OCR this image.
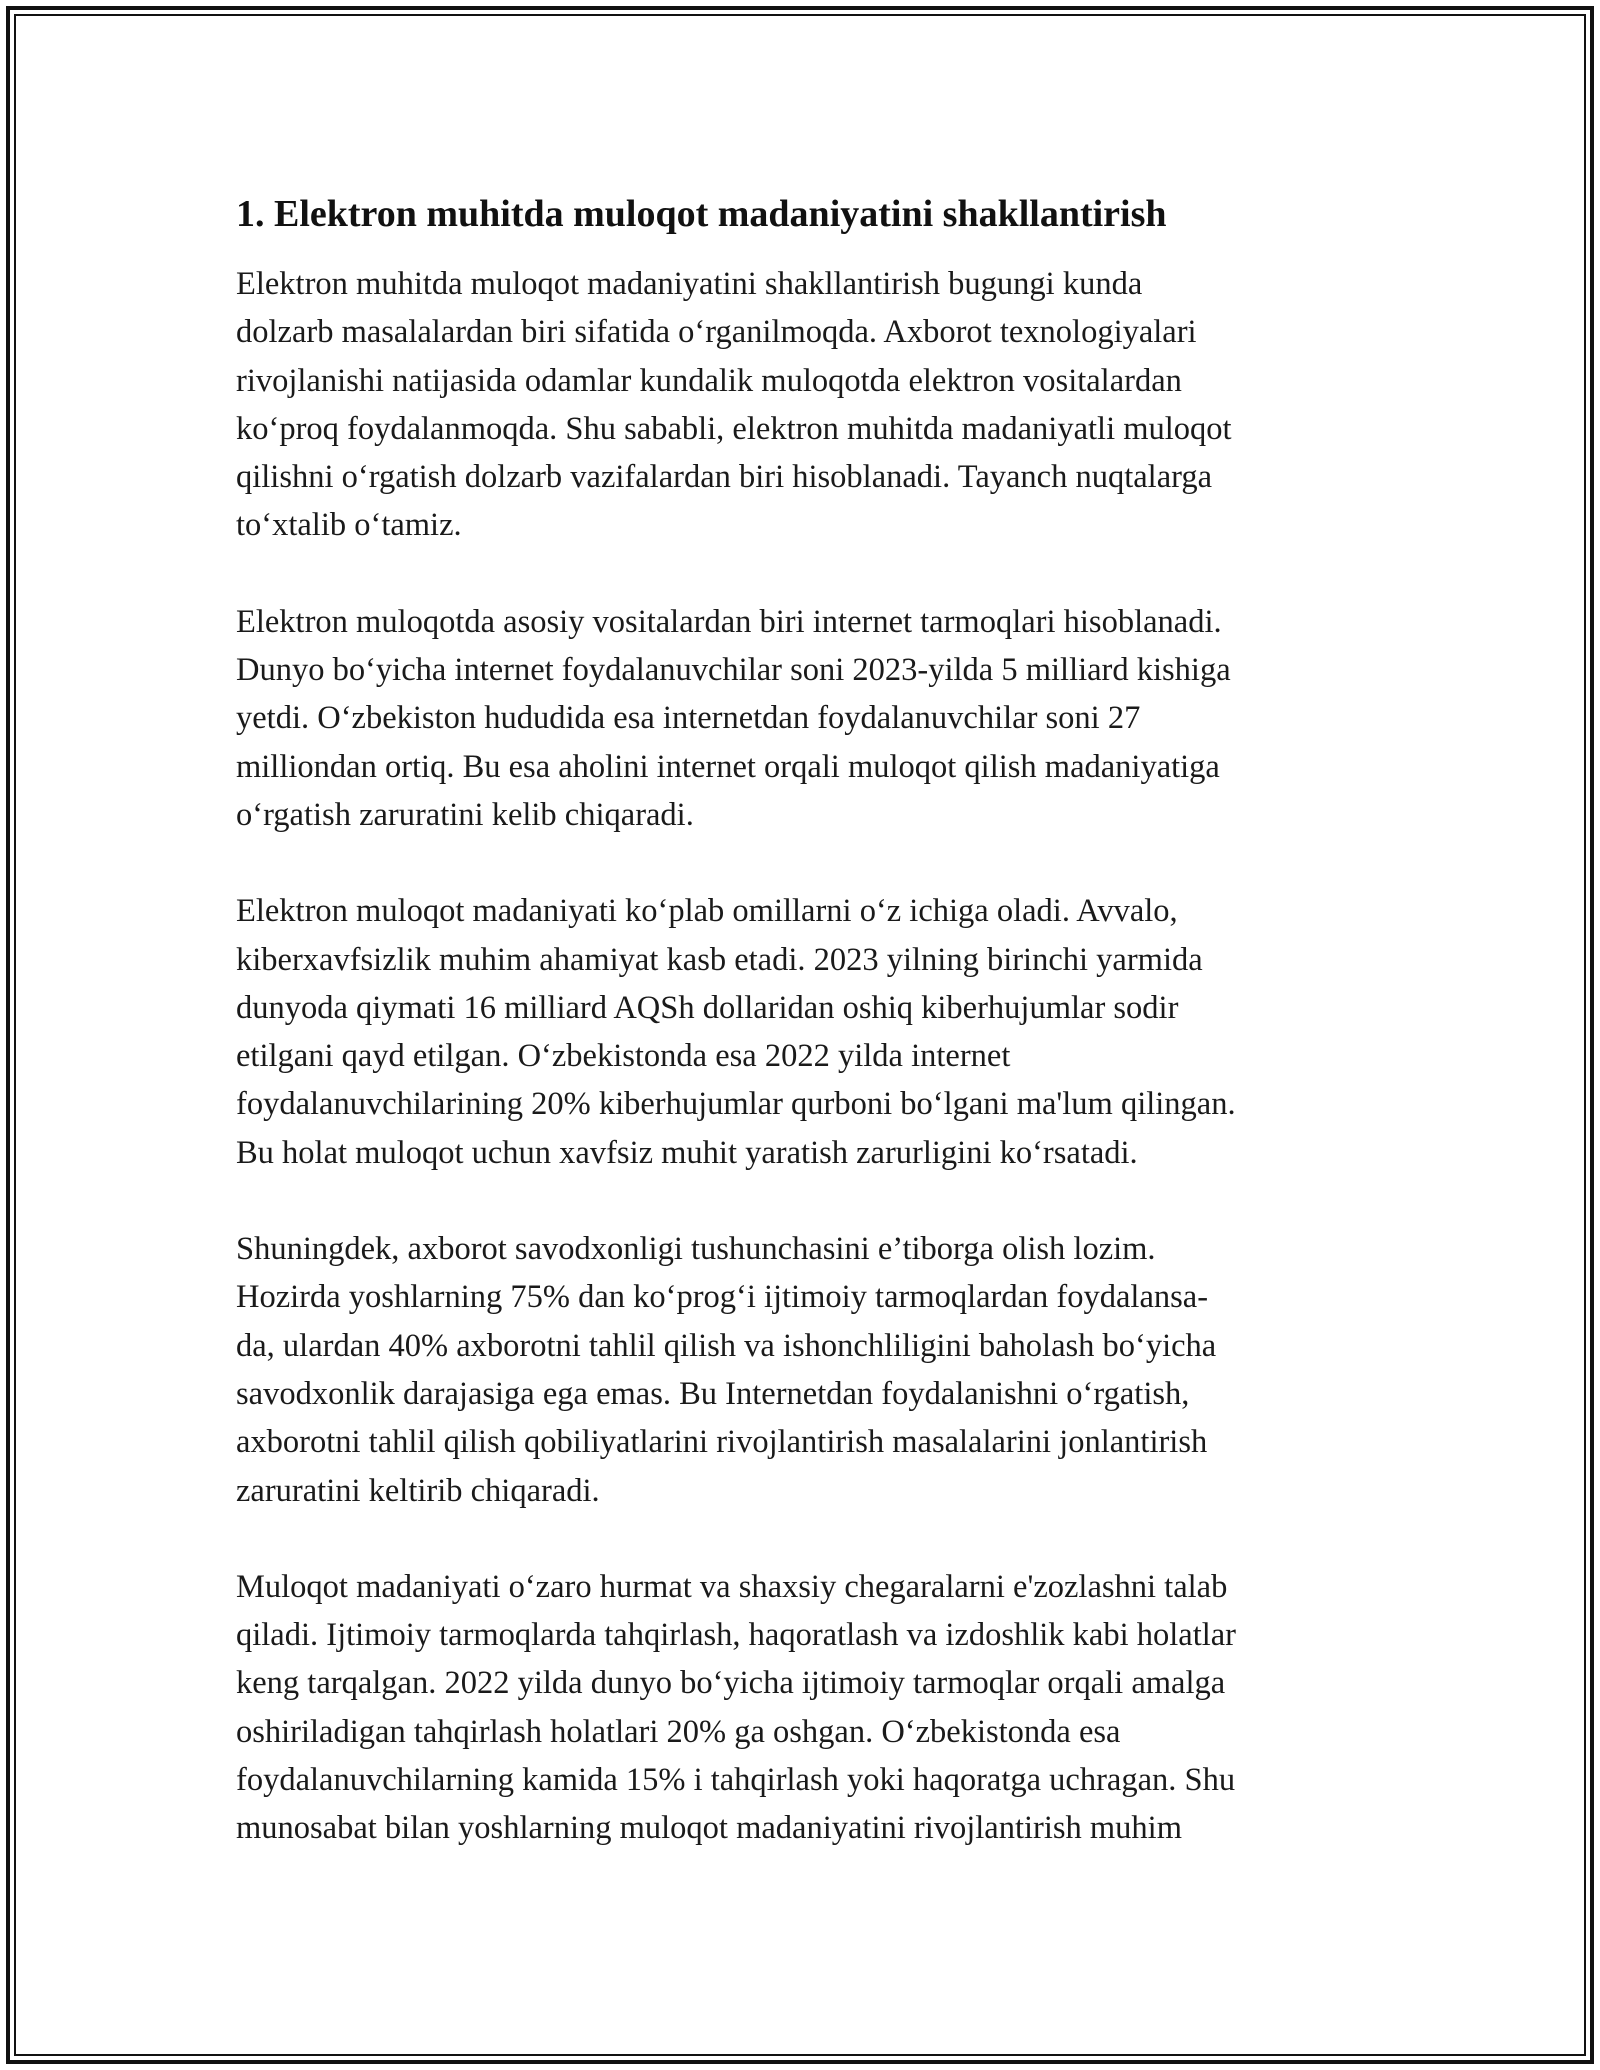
1. Elektron muhitda muloqot madaniyatini shakllantirish
Elektron muhitda muloqot madaniyatini shakllantirish bugungi kunda
dolzarb masalalardan biri sifatida o‘rganilmoqda. Axborot texnologiyalari
rivojlanishi natijasida odamlar kundalik muloqotda elektron vositalardan
ko‘proq foydalanmoqda. Shu sababli, elektron muhitda madaniyatli muloqot
qilishni o‘rgatish dolzarb vazifalardan biri hisoblanadi. Tayanch nuqtalarga
to‘xtalib o‘tamiz.
Elektron muloqotda asosiy vositalardan biri internet tarmoqlari hisoblanadi.
Dunyo bo‘yicha internet foydalanuvchilar soni 2023-yilda 5 milliard kishiga
yetdi. O‘zbekiston hududida esa internetdan foydalanuvchilar soni 27
milliondan ortiq. Bu esa aholini internet orqali muloqot qilish madaniyatiga
o‘rgatish zaruratini kelib chiqaradi.
Elektron muloqot madaniyati ko‘plab omillarni o‘z ichiga oladi. Avvalo,
kiberxavfsizlik muhim ahamiyat kasb etadi. 2023 yilning birinchi yarmida
dunyoda qiymati 16 milliard AQSh dollaridan oshiq kiberhujumlar sodir
etilgani qayd etilgan. O‘zbekistonda esa 2022 yilda internet
foydalanuvchilarining 20% kiberhujumlar qurboni bo‘lgani ma'lum qilingan.
Bu holat muloqot uchun xavfsiz muhit yaratish zarurligini ko‘rsatadi.
Shuningdek, axborot savodxonligi tushunchasini e’tiborga olish lozim.
Hozirda yoshlarning 75% dan ko‘prog‘i ijtimoiy tarmoqlardan foydalansa-
da, ulardan 40% axborotni tahlil qilish va ishonchliligini baholash bo‘yicha
savodxonlik darajasiga ega emas. Bu Internetdan foydalanishni o‘rgatish,
axborotni tahlil qilish qobiliyatlarini rivojlantirish masalalarini jonlantirish
zaruratini keltirib chiqaradi.
Muloqot madaniyati o‘zaro hurmat va shaxsiy chegaralarni e'zozlashni talab
qiladi. Ijtimoiy tarmoqlarda tahqirlash, haqoratlash va izdoshlik kabi holatlar
keng tarqalgan. 2022 yilda dunyo bo‘yicha ijtimoiy tarmoqlar orqali amalga
oshiriladigan tahqirlash holatlari 20% ga oshgan. O‘zbekistonda esa
foydalanuvchilarning kamida 15% i tahqirlash yoki haqoratga uchragan. Shu
munosabat bilan yoshlarning muloqot madaniyatini rivojlantirish muhim
